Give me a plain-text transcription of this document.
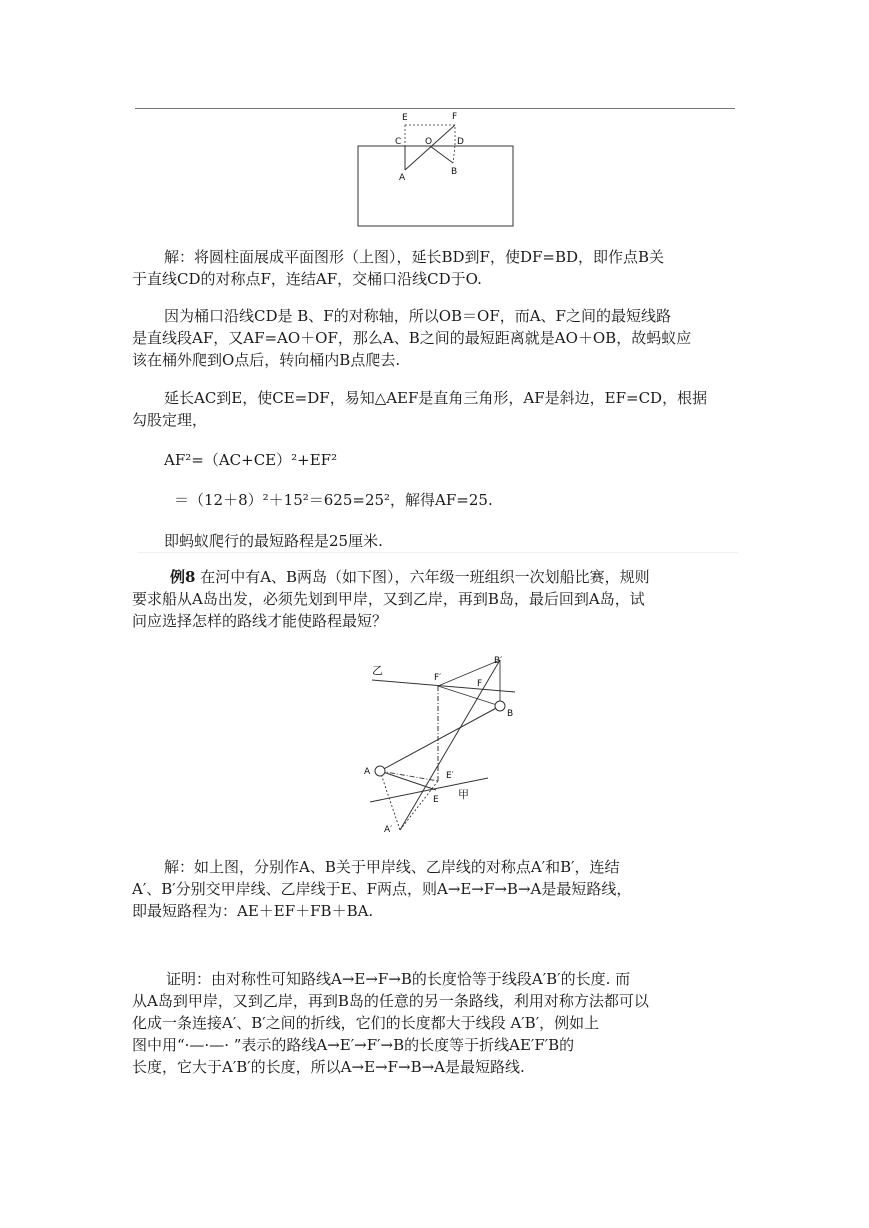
E	F
C	O	D
A
B

解：将圆柱面展成平面图形（上图），延长BD到F，使DF=BD，即作点B关

于直线CD的对称点F，连结AF，交桶口沿线CD于O.

因为桶口沿线CD是 B、F的对称轴，所以OB＝OF，而A、F之间的最短线路

是直线段AF，又AF=AO＋OF，那么A、B之间的最短距离就是AO＋OB，故蚂蚁应

该在桶外爬到O点后，转向桶内B点爬去.

延长AC到E，使CE=DF，易知△AEF是直角三角形，AF是斜边，EF=CD，根据

勾股定理，

AF²=（AC+CE）²+EF²

＝（12＋8）²＋15²＝625=25²，解得AF=25.

即蚂蚁爬行的最短路程是25厘米.

例8 在河中有A、B两岛（如下图），六年级一班组织一次划船比赛，规则

要求船从A岛出发，必须先划到甲岸，又到乙岸，再到B岛，最后回到A岛，试

问应选择怎样的路线才能使路程最短？

乙
甲
F′
B′
F
B
A	E′
E
A′

解：如上图，分别作A、B关于甲岸线、乙岸线的对称点A′和B′，连结

A′、B′分别交甲岸线、乙岸线于E、F两点，则A→E→F→B→A是最短路线，

即最短路程为：AE＋EF＋FB＋BA.

证明：由对称性可知路线A→E→F→B的长度恰等于线段A′B′的长度. 而

从A岛到甲岸，又到乙岸，再到B岛的任意的另一条路线，利用对称方法都可以

化成一条连接A′、B′之间的折线，它们的长度都大于线段 A′B′，例如上

图中用“·—·—· ”表示的路线A→E′→F′→B的长度等于折线AE′F′B的

长度，它大于A′B′的长度，所以A→E→F→B→A是最短路线.
